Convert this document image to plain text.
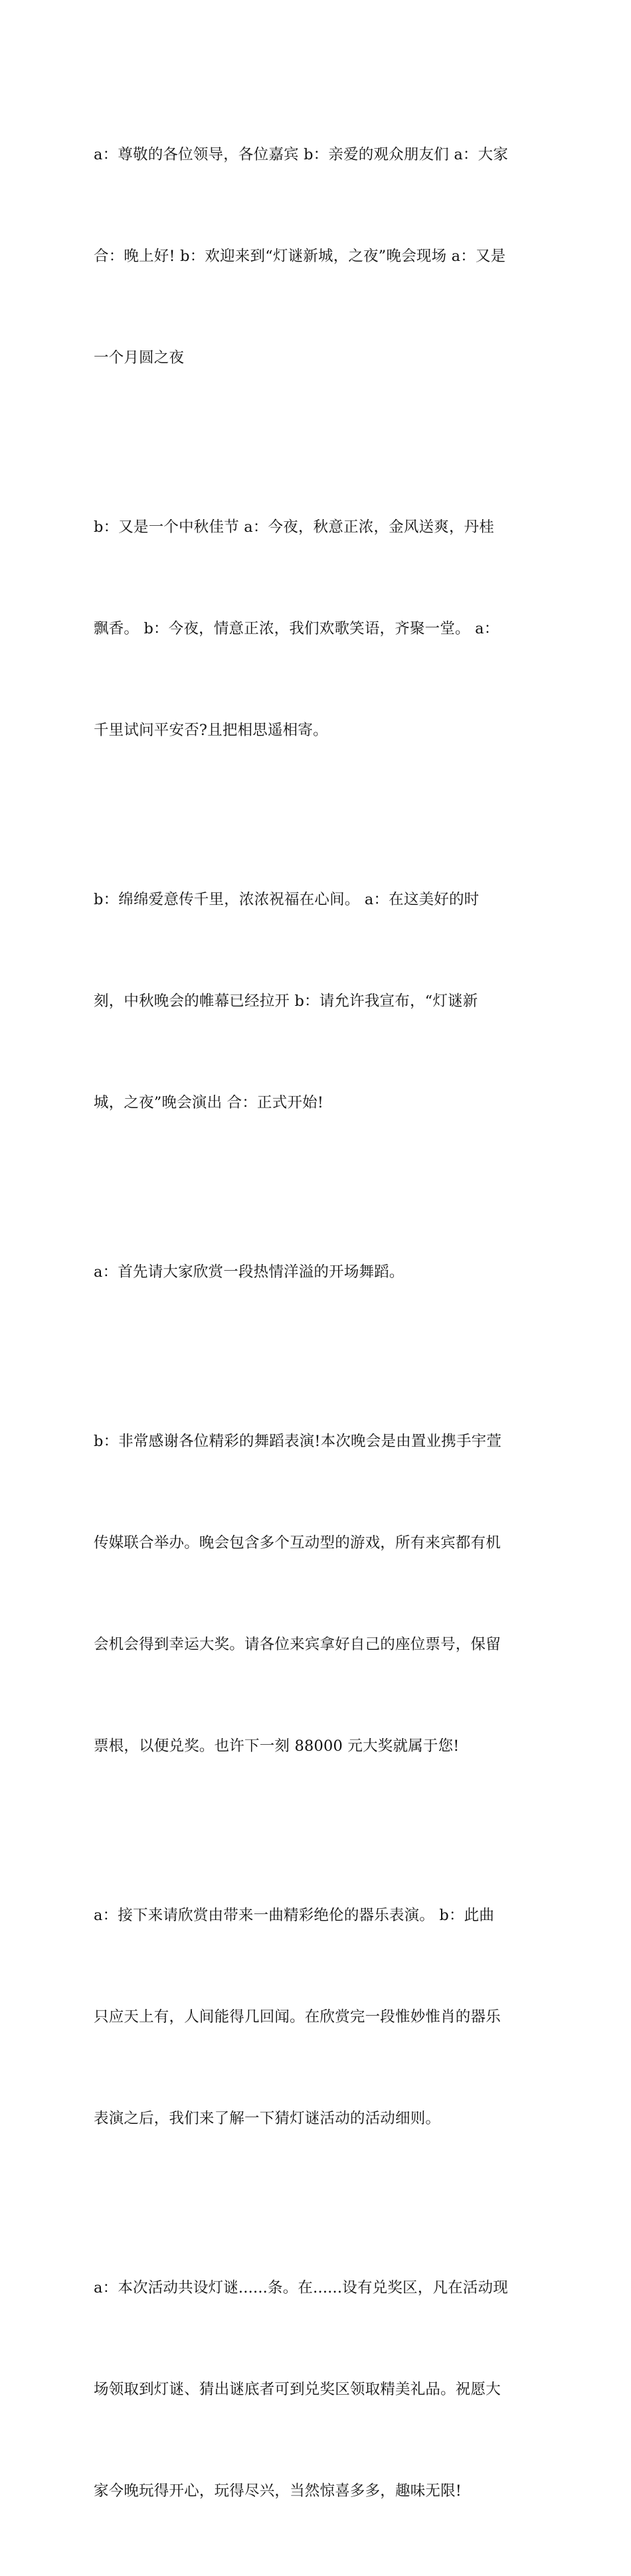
a：尊敬的各位领导，各位嘉宾 b：亲爱的观众朋友们 a：大家

合：晚上好! b：欢迎来到“灯谜新城，之夜”晚会现场 a：又是

一个月圆之夜

b：又是一个中秋佳节 a：今夜，秋意正浓，金风送爽，丹桂

飘香。 b：今夜，情意正浓，我们欢歌笑语，齐聚一堂。 a：

千里试问平安否?且把相思遥相寄。

b：绵绵爱意传千里，浓浓祝福在心间。 a：在这美好的时

刻，中秋晚会的帷幕已经拉开 b：请允许我宣布，“灯谜新

城，之夜”晚会演出 合：正式开始!

a：首先请大家欣赏一段热情洋溢的开场舞蹈。

b：非常感谢各位精彩的舞蹈表演!本次晚会是由置业携手宇萱

传媒联合举办。晚会包含多个互动型的游戏，所有来宾都有机

会机会得到幸运大奖。请各位来宾拿好自己的座位票号，保留

票根，以便兑奖。也许下一刻 88000 元大奖就属于您!

a：接下来请欣赏由带来一曲精彩绝伦的器乐表演。 b：此曲

只应天上有，人间能得几回闻。在欣赏完一段惟妙惟肖的器乐

表演之后，我们来了解一下猜灯谜活动的活动细则。

a：本次活动共设灯谜......条。在......设有兑奖区，凡在活动现

场领取到灯谜、猜出谜底者可到兑奖区领取精美礼品。祝愿大

家今晚玩得开心，玩得尽兴，当然惊喜多多，趣味无限!
